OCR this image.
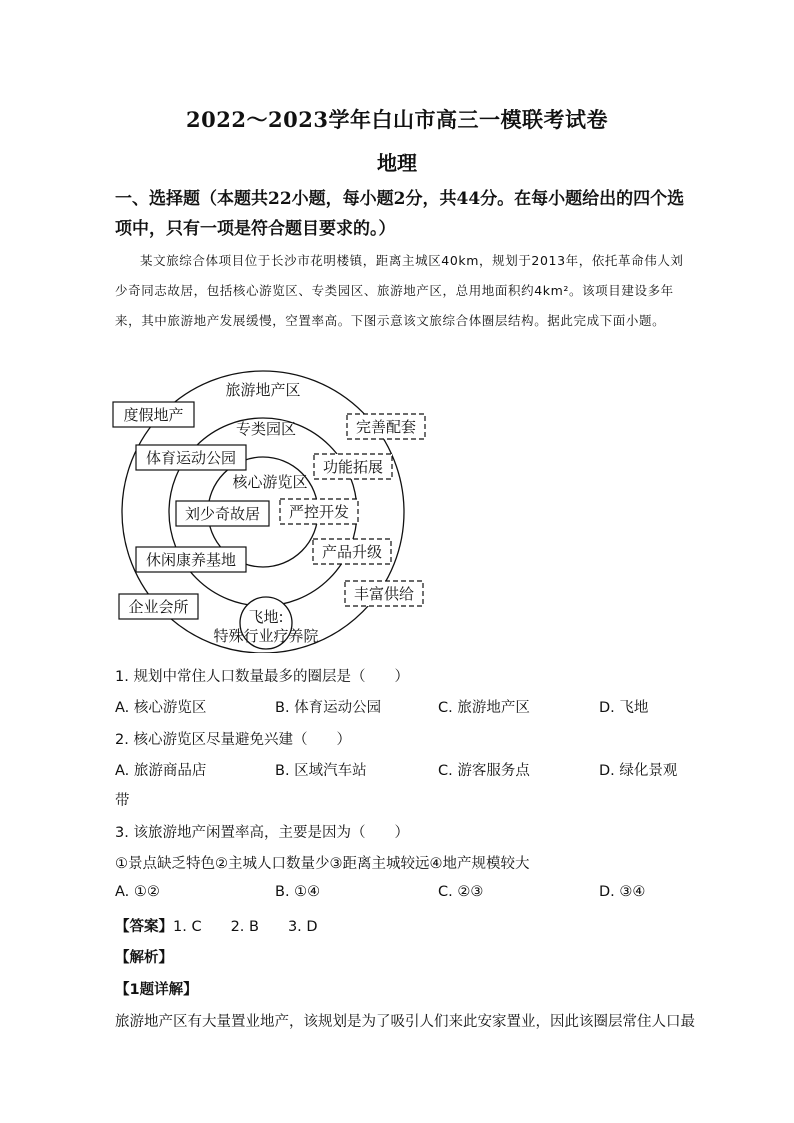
2022～2023学年白山市高三一模联考试卷
地理
一、选择题（本题共22小题，每小题2分，共44分。在每小题给出的四个选项中，只有一项是符合题目要求的。）

某文旅综合体项目位于长沙市花明楼镇，距离主城区40km，规划于2013年，依托革命伟人刘少奇同志故居，包括核心游览区、专类园区、旅游地产区，总用地面积约4km²。该项目建设多年来，其中旅游地产发展缓慢，空置率高。下图示意该文旅综合体圈层结构。据此完成下面小题。

旅游地产区
专类园区
核心游览区
度假地产
体育运动公园
刘少奇故居
休闲康养基地
企业会所
完善配套
功能拓展
严控开发
产品升级
丰富供给
飞地:
特殊行业疗养院
1. 规划中常住人口数量最多的圈层是（　　）
A. 核心游览区	B. 体育运动公园	C. 旅游地产区	D. 飞地
2. 核心游览区尽量避免兴建（　　）
A. 旅游商品店	B. 区域汽车站	C. 游客服务点	D. 绿化景观
带
3. 该旅游地产闲置率高，主要是因为（　　）
①景点缺乏特色②主城人口数量少③距离主城较远④地产规模较大
A. ①②	B. ①④	C. ②③	D. ③④
【答案】1. C　　2. B　　3. D
【解析】
【1题详解】
旅游地产区有大量置业地产，该规划是为了吸引人们来此安家置业，因此该圈层常住人口最
